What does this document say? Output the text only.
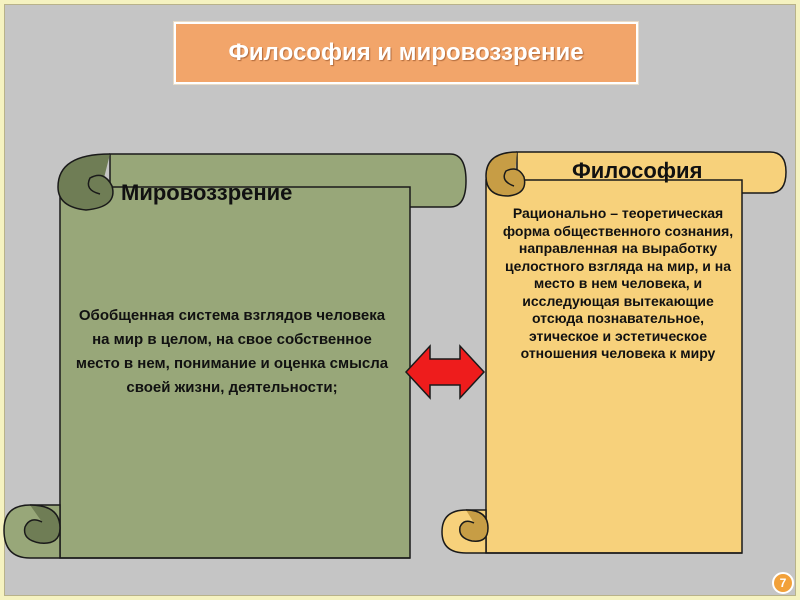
Философия и мировоззрение
Мировоззрение
Обобщенная система взглядов человека на мир в целом, на свое собственное место в нем, понимание и оценка смысла своей жизни, деятельности;
Философия
Рационально – теоретическая форма общественного сознания, направленная на выработку целостного взгляда на мир, и на место в нем человека, и исследующая вытекающие отсюда познавательное, этическое и эстетическое отношения человека к миру
7
